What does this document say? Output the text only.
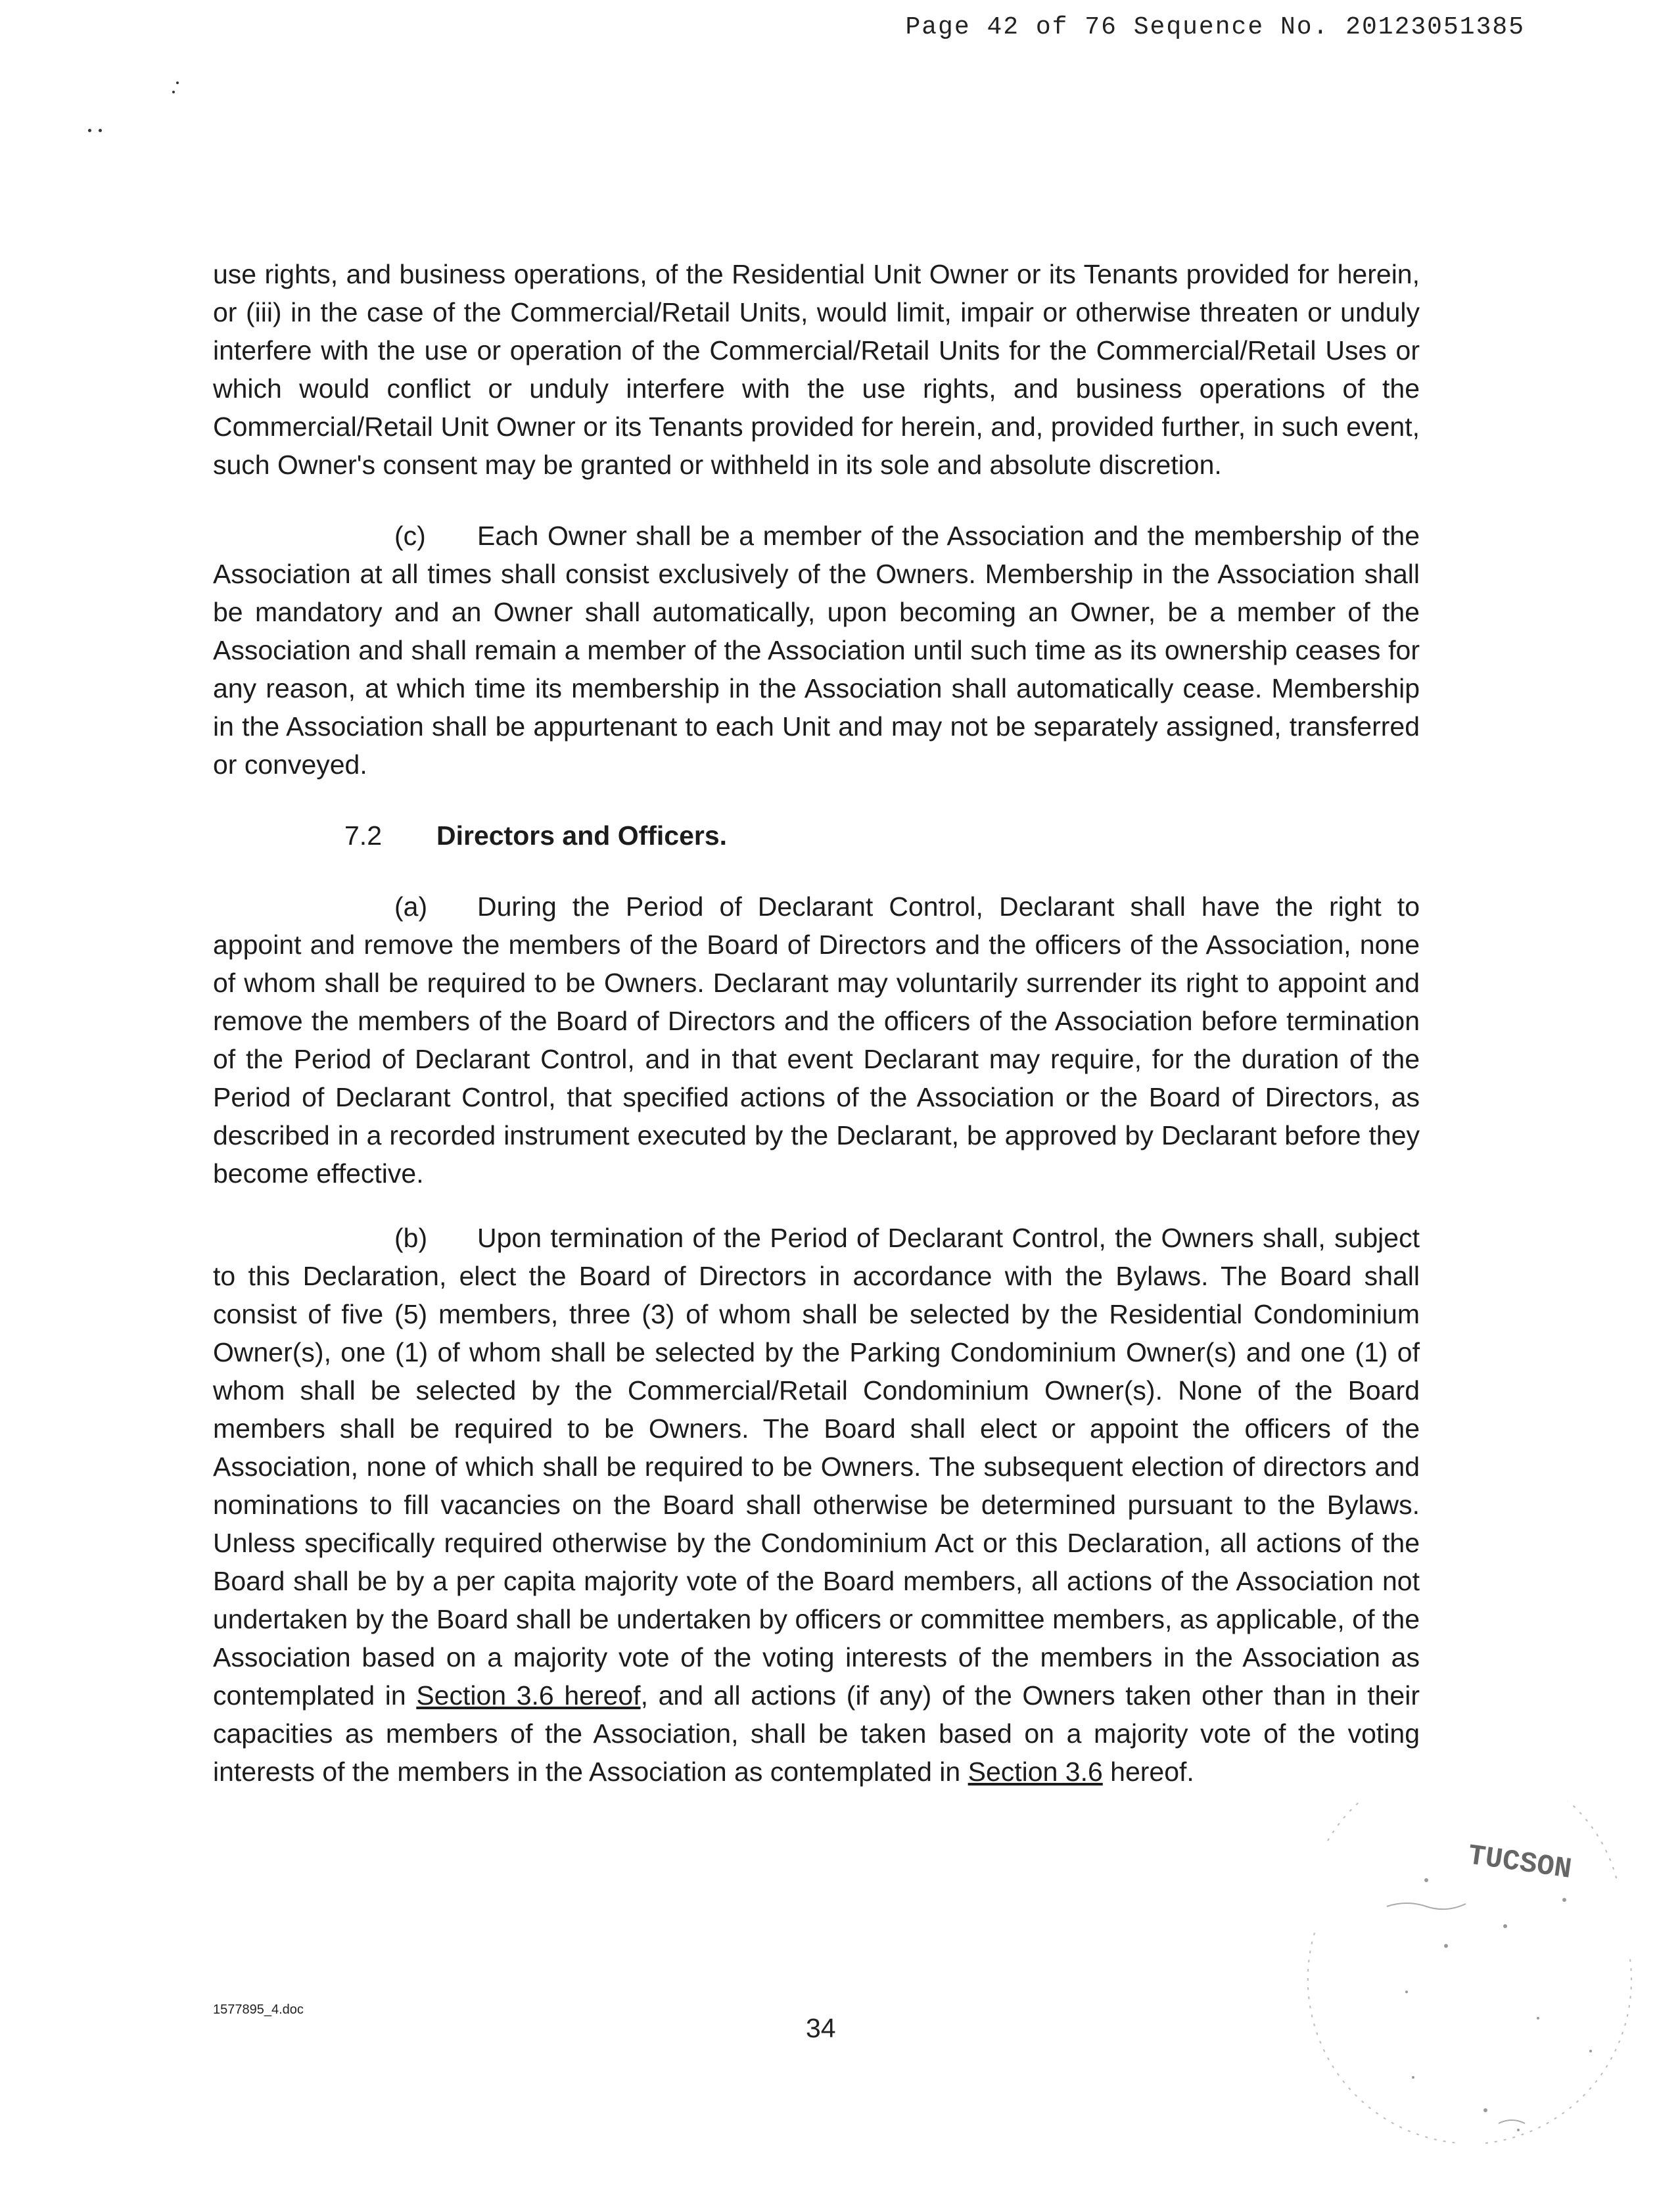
Page 42 of 76 Sequence No. 20123051385

use rights, and business operations, of the Residential Unit Owner or its Tenants provided for herein, or (iii) in the case of the Commercial/Retail Units, would limit, impair or otherwise threaten or unduly interfere with the use or operation of the Commercial/Retail Units for the Commercial/Retail Uses or which would conflict or unduly interfere with the use rights, and business operations of the Commercial/Retail Unit Owner or its Tenants provided for herein, and, provided further, in such event, such Owner's consent may be granted or withheld in its sole and absolute discretion.

(c) Each Owner shall be a member of the Association and the membership of the Association at all times shall consist exclusively of the Owners. Membership in the Association shall be mandatory and an Owner shall automatically, upon becoming an Owner, be a member of the Association and shall remain a member of the Association until such time as its ownership ceases for any reason, at which time its membership in the Association shall automatically cease. Membership in the Association shall be appurtenant to each Unit and may not be separately assigned, transferred or conveyed.

7.2 Directors and Officers.

(a) During the Period of Declarant Control, Declarant shall have the right to appoint and remove the members of the Board of Directors and the officers of the Association, none of whom shall be required to be Owners. Declarant may voluntarily surrender its right to appoint and remove the members of the Board of Directors and the officers of the Association before termination of the Period of Declarant Control, and in that event Declarant may require, for the duration of the Period of Declarant Control, that specified actions of the Association or the Board of Directors, as described in a recorded instrument executed by the Declarant, be approved by Declarant before they become effective.

(b) Upon termination of the Period of Declarant Control, the Owners shall, subject to this Declaration, elect the Board of Directors in accordance with the Bylaws. The Board shall consist of five (5) members, three (3) of whom shall be selected by the Residential Condominium Owner(s), one (1) of whom shall be selected by the Parking Condominium Owner(s) and one (1) of whom shall be selected by the Commercial/Retail Condominium Owner(s). None of the Board members shall be required to be Owners. The Board shall elect or appoint the officers of the Association, none of which shall be required to be Owners. The subsequent election of directors and nominations to fill vacancies on the Board shall otherwise be determined pursuant to the Bylaws. Unless specifically required otherwise by the Condominium Act or this Declaration, all actions of the Board shall be by a per capita majority vote of the Board members, all actions of the Association not undertaken by the Board shall be undertaken by officers or committee members, as applicable, of the Association based on a majority vote of the voting interests of the members in the Association as contemplated in Section 3.6 hereof, and all actions (if any) of the Owners taken other than in their capacities as members of the Association, shall be taken based on a majority vote of the voting interests of the members in the Association as contemplated in Section 3.6 hereof.

1577895_4.doc
34
TUCSON
